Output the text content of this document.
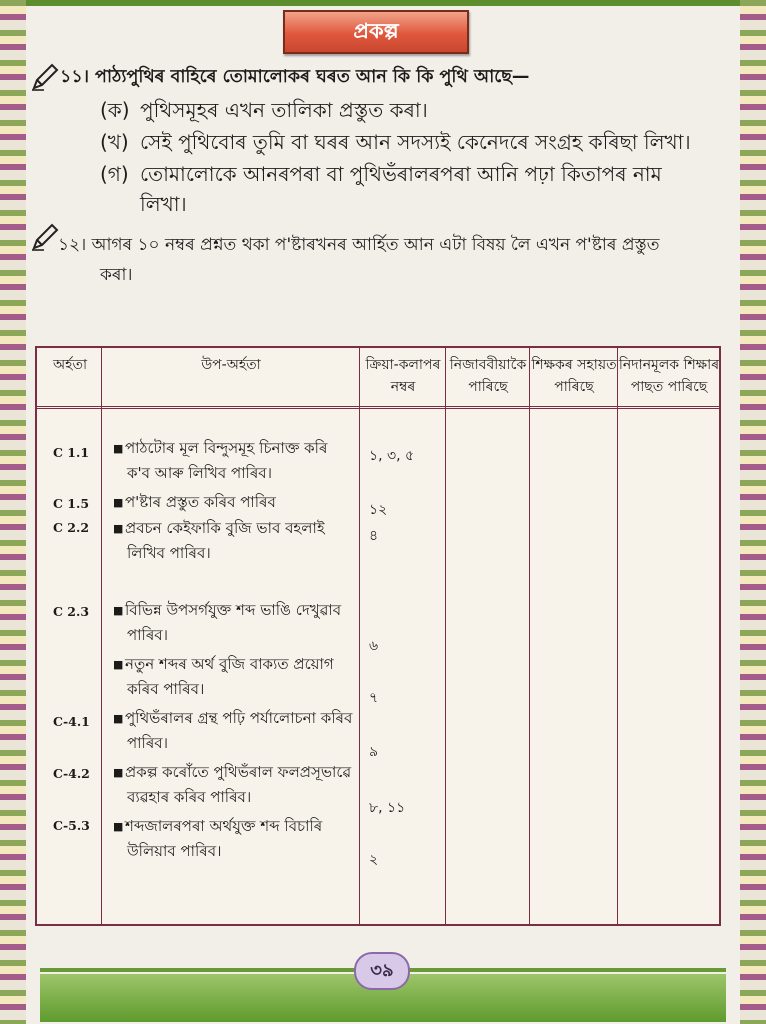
প্ৰকল্প
১১। পাঠ্যপুথিৰ বাহিৰে তোমালোকৰ ঘৰত আন কি কি পুথি আছে—
(ক) পুথিসমূহৰ এখন তালিকা প্ৰস্তুত কৰা।
(খ) সেই পুথিবোৰ তুমি বা ঘৰৰ আন সদস্যই কেনেদৰে সংগ্ৰহ কৰিছা লিখা।
(গ) তোমালোকে আনৰপৰা বা পুথিভঁৰালৰপৰা আনি পঢ়া কিতাপৰ নাম
লিখা।
১২। আগৰ ১০ নম্বৰ প্ৰশ্নত থকা প'ষ্টাৰখনৰ আৰ্হিত আন এটা বিষয় লৈ এখন প'ষ্টাৰ প্ৰস্তুত
কৰা।
অৰ্হতা	উপ-অৰ্হতা	ক্ৰিয়া-কলাপৰ
নম্বৰ
নিজাববীয়াকৈ
পাৰিছে
শিক্ষকৰ সহায়ত
পাৰিছে
নিদানমূলক শিক্ষাৰ
পাছত পাৰিছে
C 1.1
C 1.5
C 2.2
C 2.3
C-4.1
C-4.2
C-5.3
■ পাঠটোৰ মূল বিন্দুসমূহ চিনাক্ত কৰি
ক'ব আৰু লিখিব পাৰিব।
■ প'ষ্টাৰ প্ৰস্তুত কৰিব পাৰিব
■ প্ৰবচন কেইফাকি বুজি ভাব বহলাই
লিখিব পাৰিব।
■ বিভিন্ন উপসৰ্গযুক্ত শব্দ ভাঙি দেখুৱাব
পাৰিব।
■ নতুন শব্দৰ অৰ্থ বুজি বাক্যত প্ৰয়োগ
কৰিব পাৰিব।
■ পুথিভঁৰালৰ গ্ৰন্থ পঢ়ি পৰ্যালোচনা কৰিব
পাৰিব।
■ প্ৰকল্প কৰোঁতে পুথিভঁৰাল ফলপ্ৰসূভাৱে
ব্যৱহাৰ কৰিব পাৰিব।
■ শব্দজালৰপৰা অৰ্থযুক্ত শব্দ বিচাৰি
উলিয়াব পাৰিব।
১, ৩, ৫
১২
৪
৬
৭
৯
৮, ১১
২
৩৯
